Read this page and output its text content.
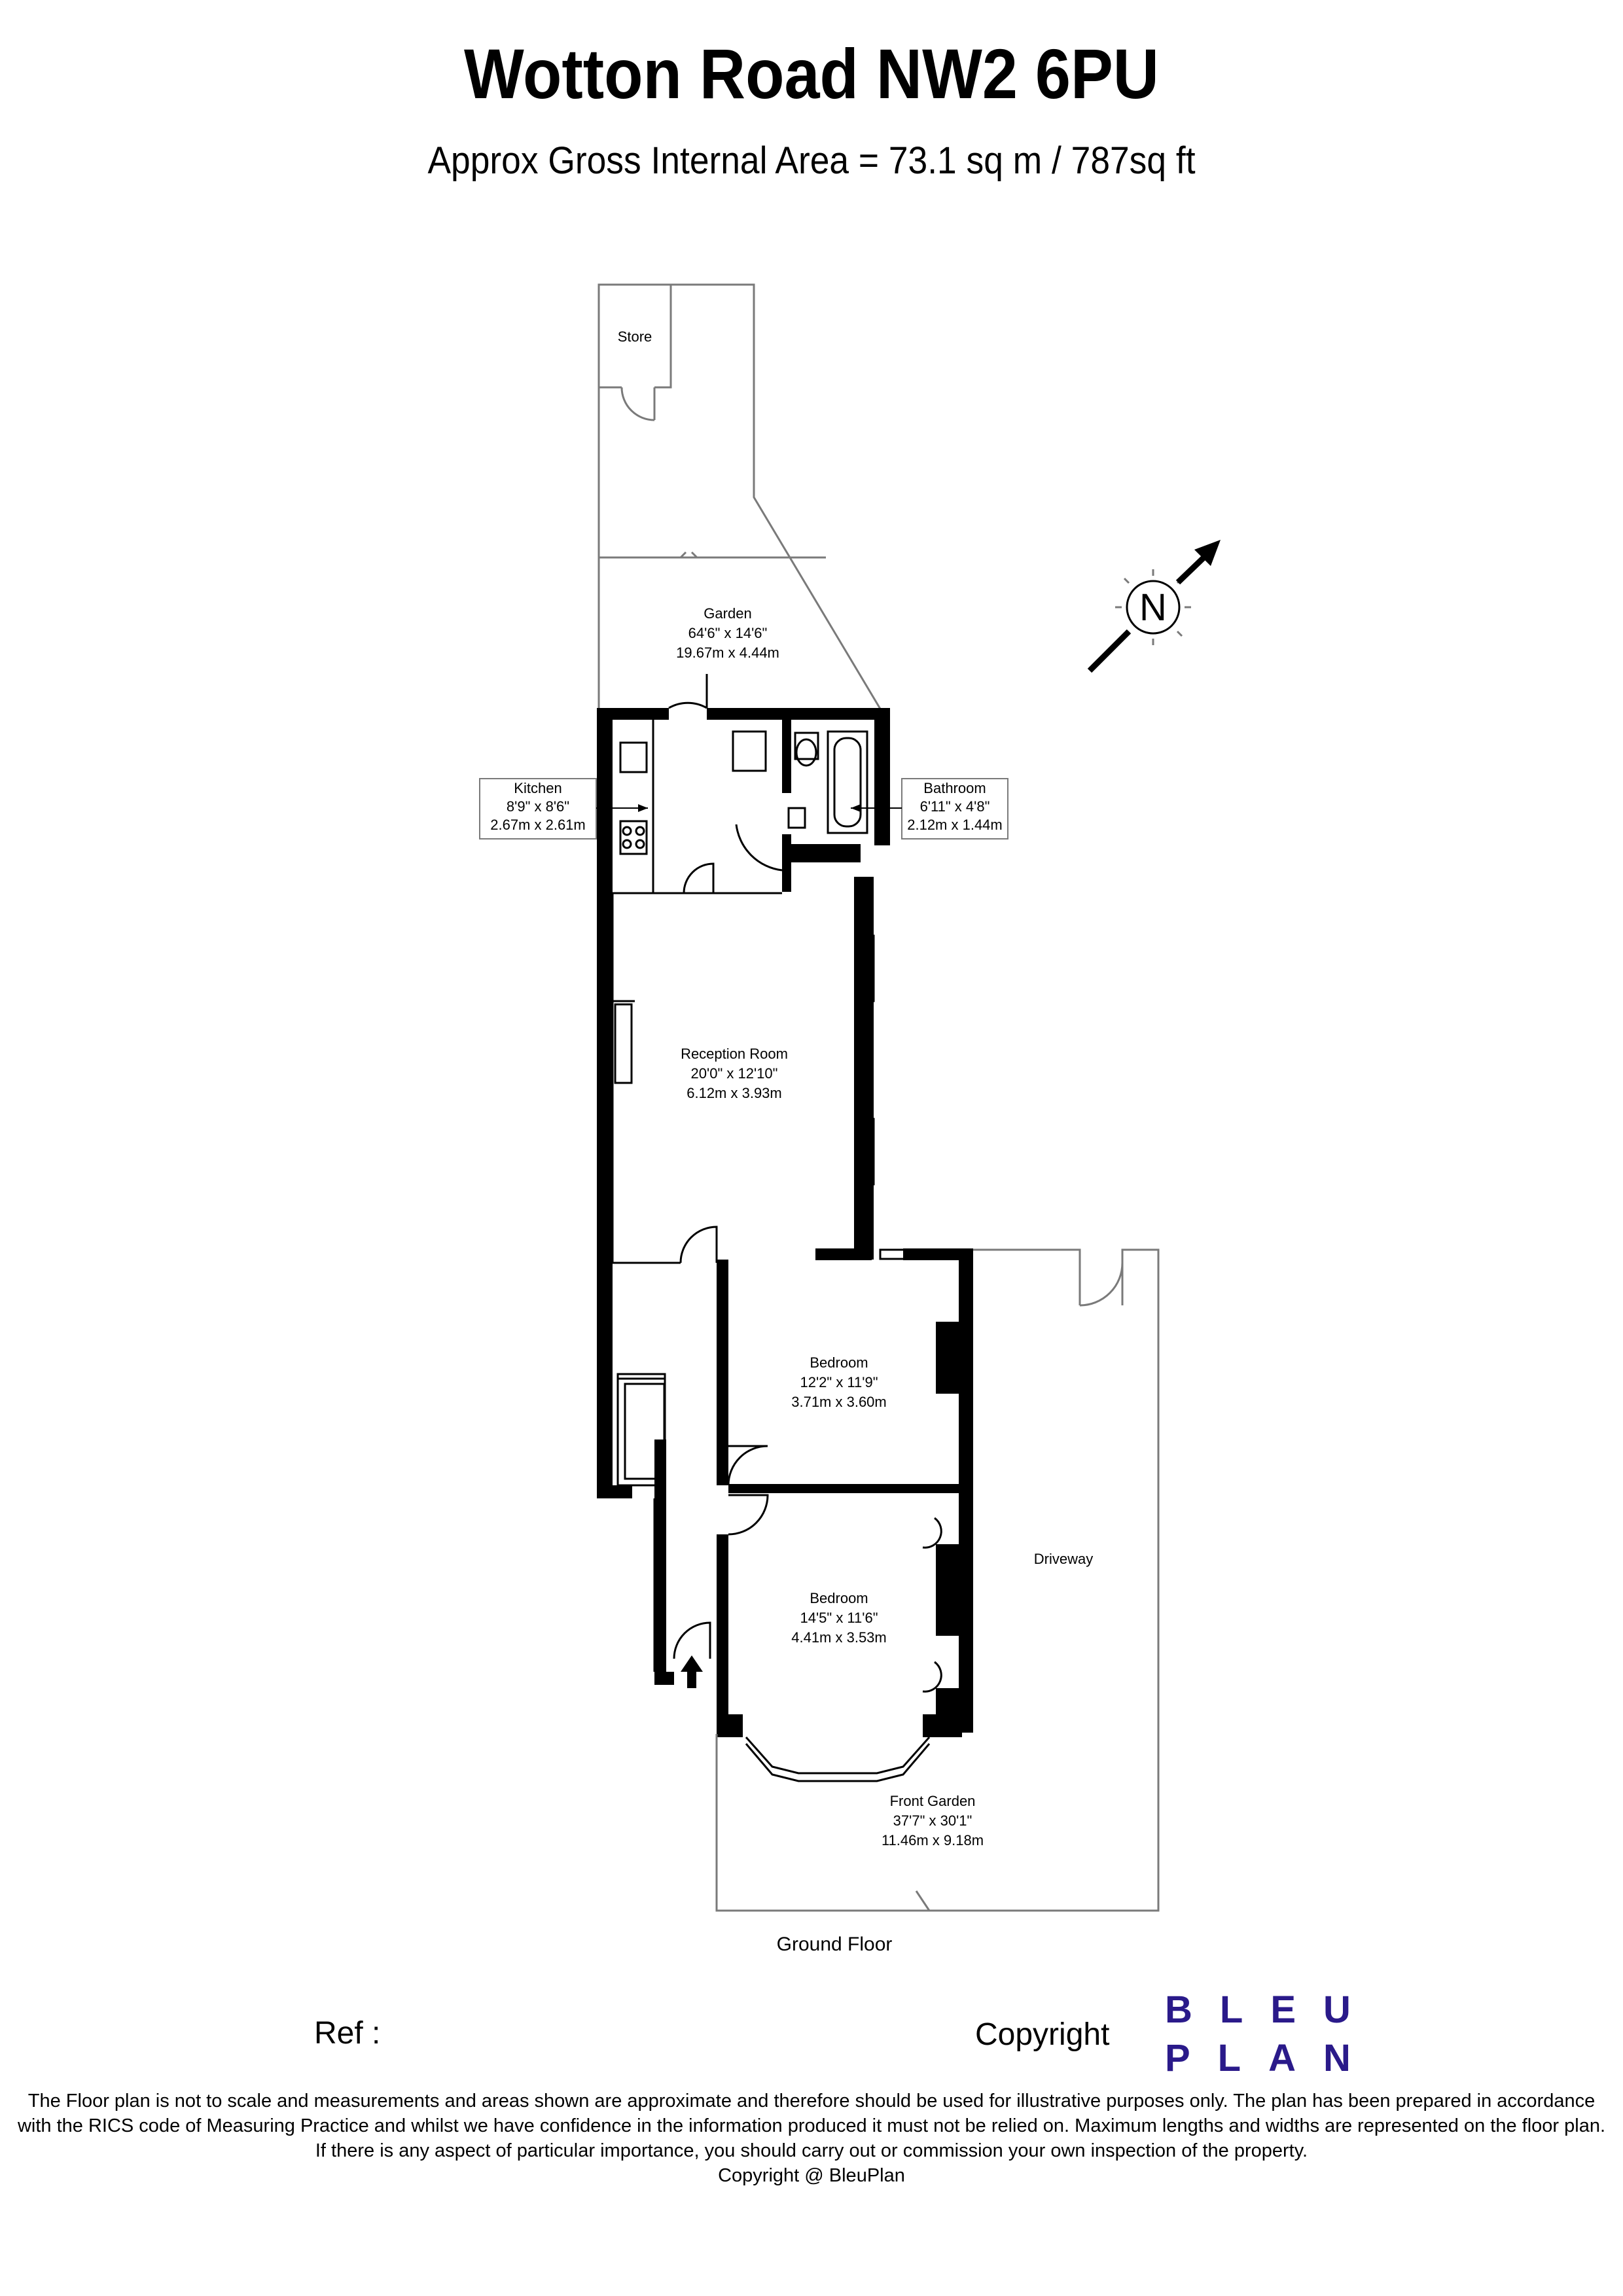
Wotton Road NW2 6PU
Approx Gross Internal Area = 73.1 sq m / 787sq ft
N
Store
Garden
64'6" x 14'6"
19.67m x 4.44m
Reception Room
20'0" x 12'10"
6.12m x 3.93m
Bedroom
12'2" x 11'9"
3.71m x 3.60m
Bedroom
14'5" x 11'6"
4.41m x 3.53m
Driveway
Front Garden
37'7" x 30'1"
11.46m x 9.18m
Kitchen
8'9" x 8'6"
2.67m x 2.61m
Bathroom
6'11" x 4'8"
2.12m x 1.44m
Ground Floor
Ref :	Copyright
BLEU
PLAN
The Floor plan is not to scale and measurements and areas shown are approximate and therefore should be used for illustrative purposes only. The plan has been prepared in accordance
with the RICS code of Measuring Practice and whilst we have confidence in the information produced it must not be relied on. Maximum lengths and widths are represented on the floor plan.
If there is any aspect of particular importance, you should carry out or commission your own inspection of the property.
Copyright @ BleuPlan
